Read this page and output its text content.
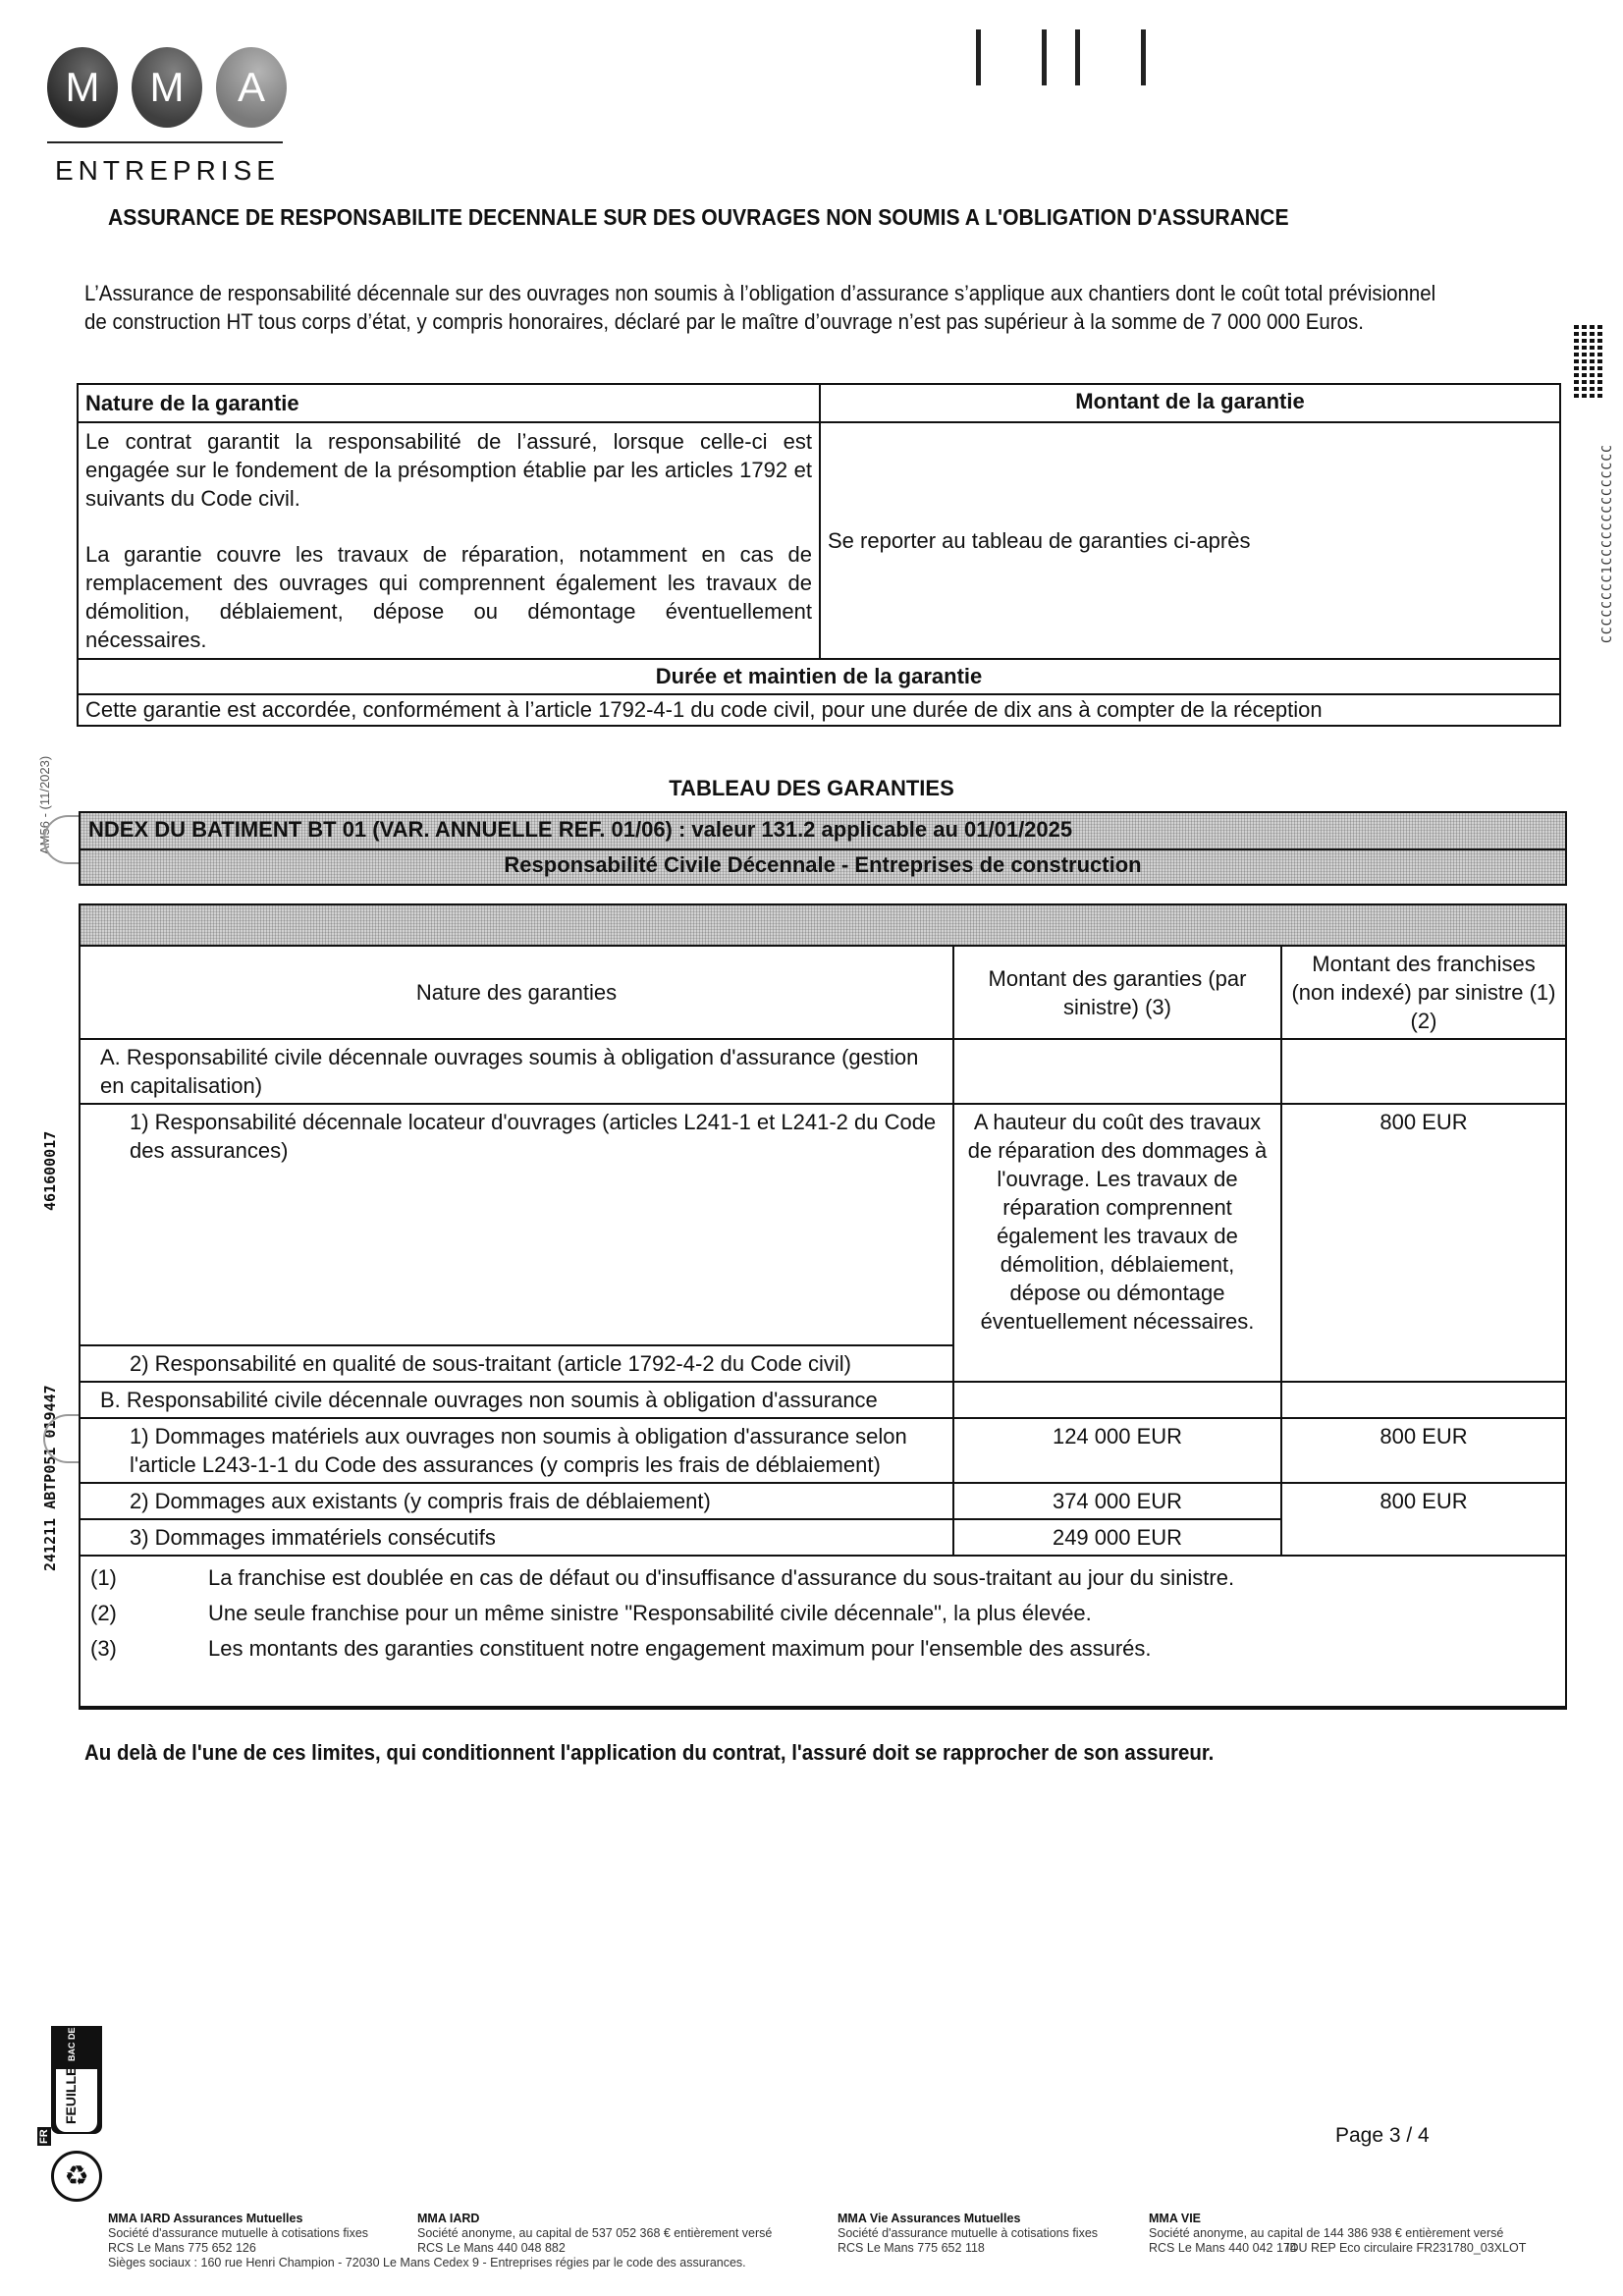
M	M	A
ENTREPRISE
ASSURANCE DE RESPONSABILITE DECENNALE SUR DES OUVRAGES NON SOUMIS A L'OBLIGATION D'ASSURANCE
L’Assurance de responsabilité décennale sur des ouvrages non soumis à l’obligation d’assurance s’applique aux chantiers dont le coût total prévisionnel de construction HT tous corps d’état, y compris honoraires, déclaré par le maître d’ouvrage n’est pas supérieur à la somme de 7 000 000 Euros.
Nature de la garantie	Montant de la garantie

Le contrat garantit la responsabilité de l’assuré, lorsque celle-ci est engagée sur le fondement de la présomption établie par les articles 1792 et suivants du Code civil.

La garantie couvre les travaux de réparation, notamment en cas de remplacement des ouvrages qui comprennent également les travaux de démolition, déblaiement, dépose ou démontage éventuellement nécessaires.	Se reporter au tableau de garanties ci-après
Durée et maintien de la garantie	
Cette garantie est accordée, conformément à l’article 1792-4-1 du code civil, pour une durée de dix ans à compter de la réception	
TABLEAU DES GARANTIES
NDEX DU BATIMENT BT 01 (VAR. ANNUELLE REF. 01/06) : valeur 131.2 applicable au 01/01/2025
Responsabilité Civile Décennale - Entreprises de construction
Nature des garanties	Montant des garanties (par sinistre) (3)	Montant des franchises (non indexé) par sinistre (1) (2)
A. Responsabilité civile décennale ouvrages soumis à obligation d'assurance (gestion en capitalisation)		
1) Responsabilité décennale locateur d'ouvrages (articles L241-1 et L241-2 du Code des assurances)	A hauteur du coût des travaux de réparation des dommages à l'ouvrage. Les travaux de réparation comprennent également les travaux de démolition, déblaiement, dépose ou démontage éventuellement nécessaires.	800 EUR
2) Responsabilité en qualité de sous-traitant (article 1792-4-2 du Code civil)		
B. Responsabilité civile décennale ouvrages non soumis à obligation d'assurance		
1) Dommages matériels aux ouvrages non soumis à obligation d'assurance selon l'article L243-1-1 du Code des assurances (y compris les frais de déblaiement)	124 000 EUR	800 EUR
2) Dommages aux existants (y compris frais de déblaiement)	374 000 EUR	800 EUR
3) Dommages immatériels consécutifs	249 000 EUR	
(1)	La franchise est doublée en cas de défaut ou d'insuffisance d'assurance du sous-traitant au jour du sinistre.
(2)	Une seule franchise pour un même sinistre "Responsabilité civile décennale", la plus élevée.
(3)	Les montants des garanties constituent notre engagement maximum pour l'ensemble des assurés.
Au delà de l'une de ces limites, qui conditionnent l'application du contrat, l'assuré doit se rapprocher de son assureur.
AM56 - (11/2023)
461600017
241211 ABTP051 019447
CCCCCCCC1CCCCCCCCCCCCCC
BAC DE TRI
FEUILLET
FR
♻
Page 3 / 4
MMA IARD Assurances Mutuelles
Société d'assurance mutuelle à cotisations fixes
RCS Le Mans 775 652 126
MMA IARD
Société anonyme, au capital de 537 052 368 € entièrement versé
RCS Le Mans 440 048 882
MMA Vie Assurances Mutuelles
Société d'assurance mutuelle à cotisations fixes
RCS Le Mans 775 652 118
MMA VIE
Société anonyme, au capital de 144 386 938 € entièrement versé
RCS Le Mans 440 042 174
Sièges sociaux : 160 rue Henri Champion - 72030 Le Mans Cedex 9 - Entreprises régies par le code des assurances.
IDU REP Eco circulaire FR231780_03XLOT
